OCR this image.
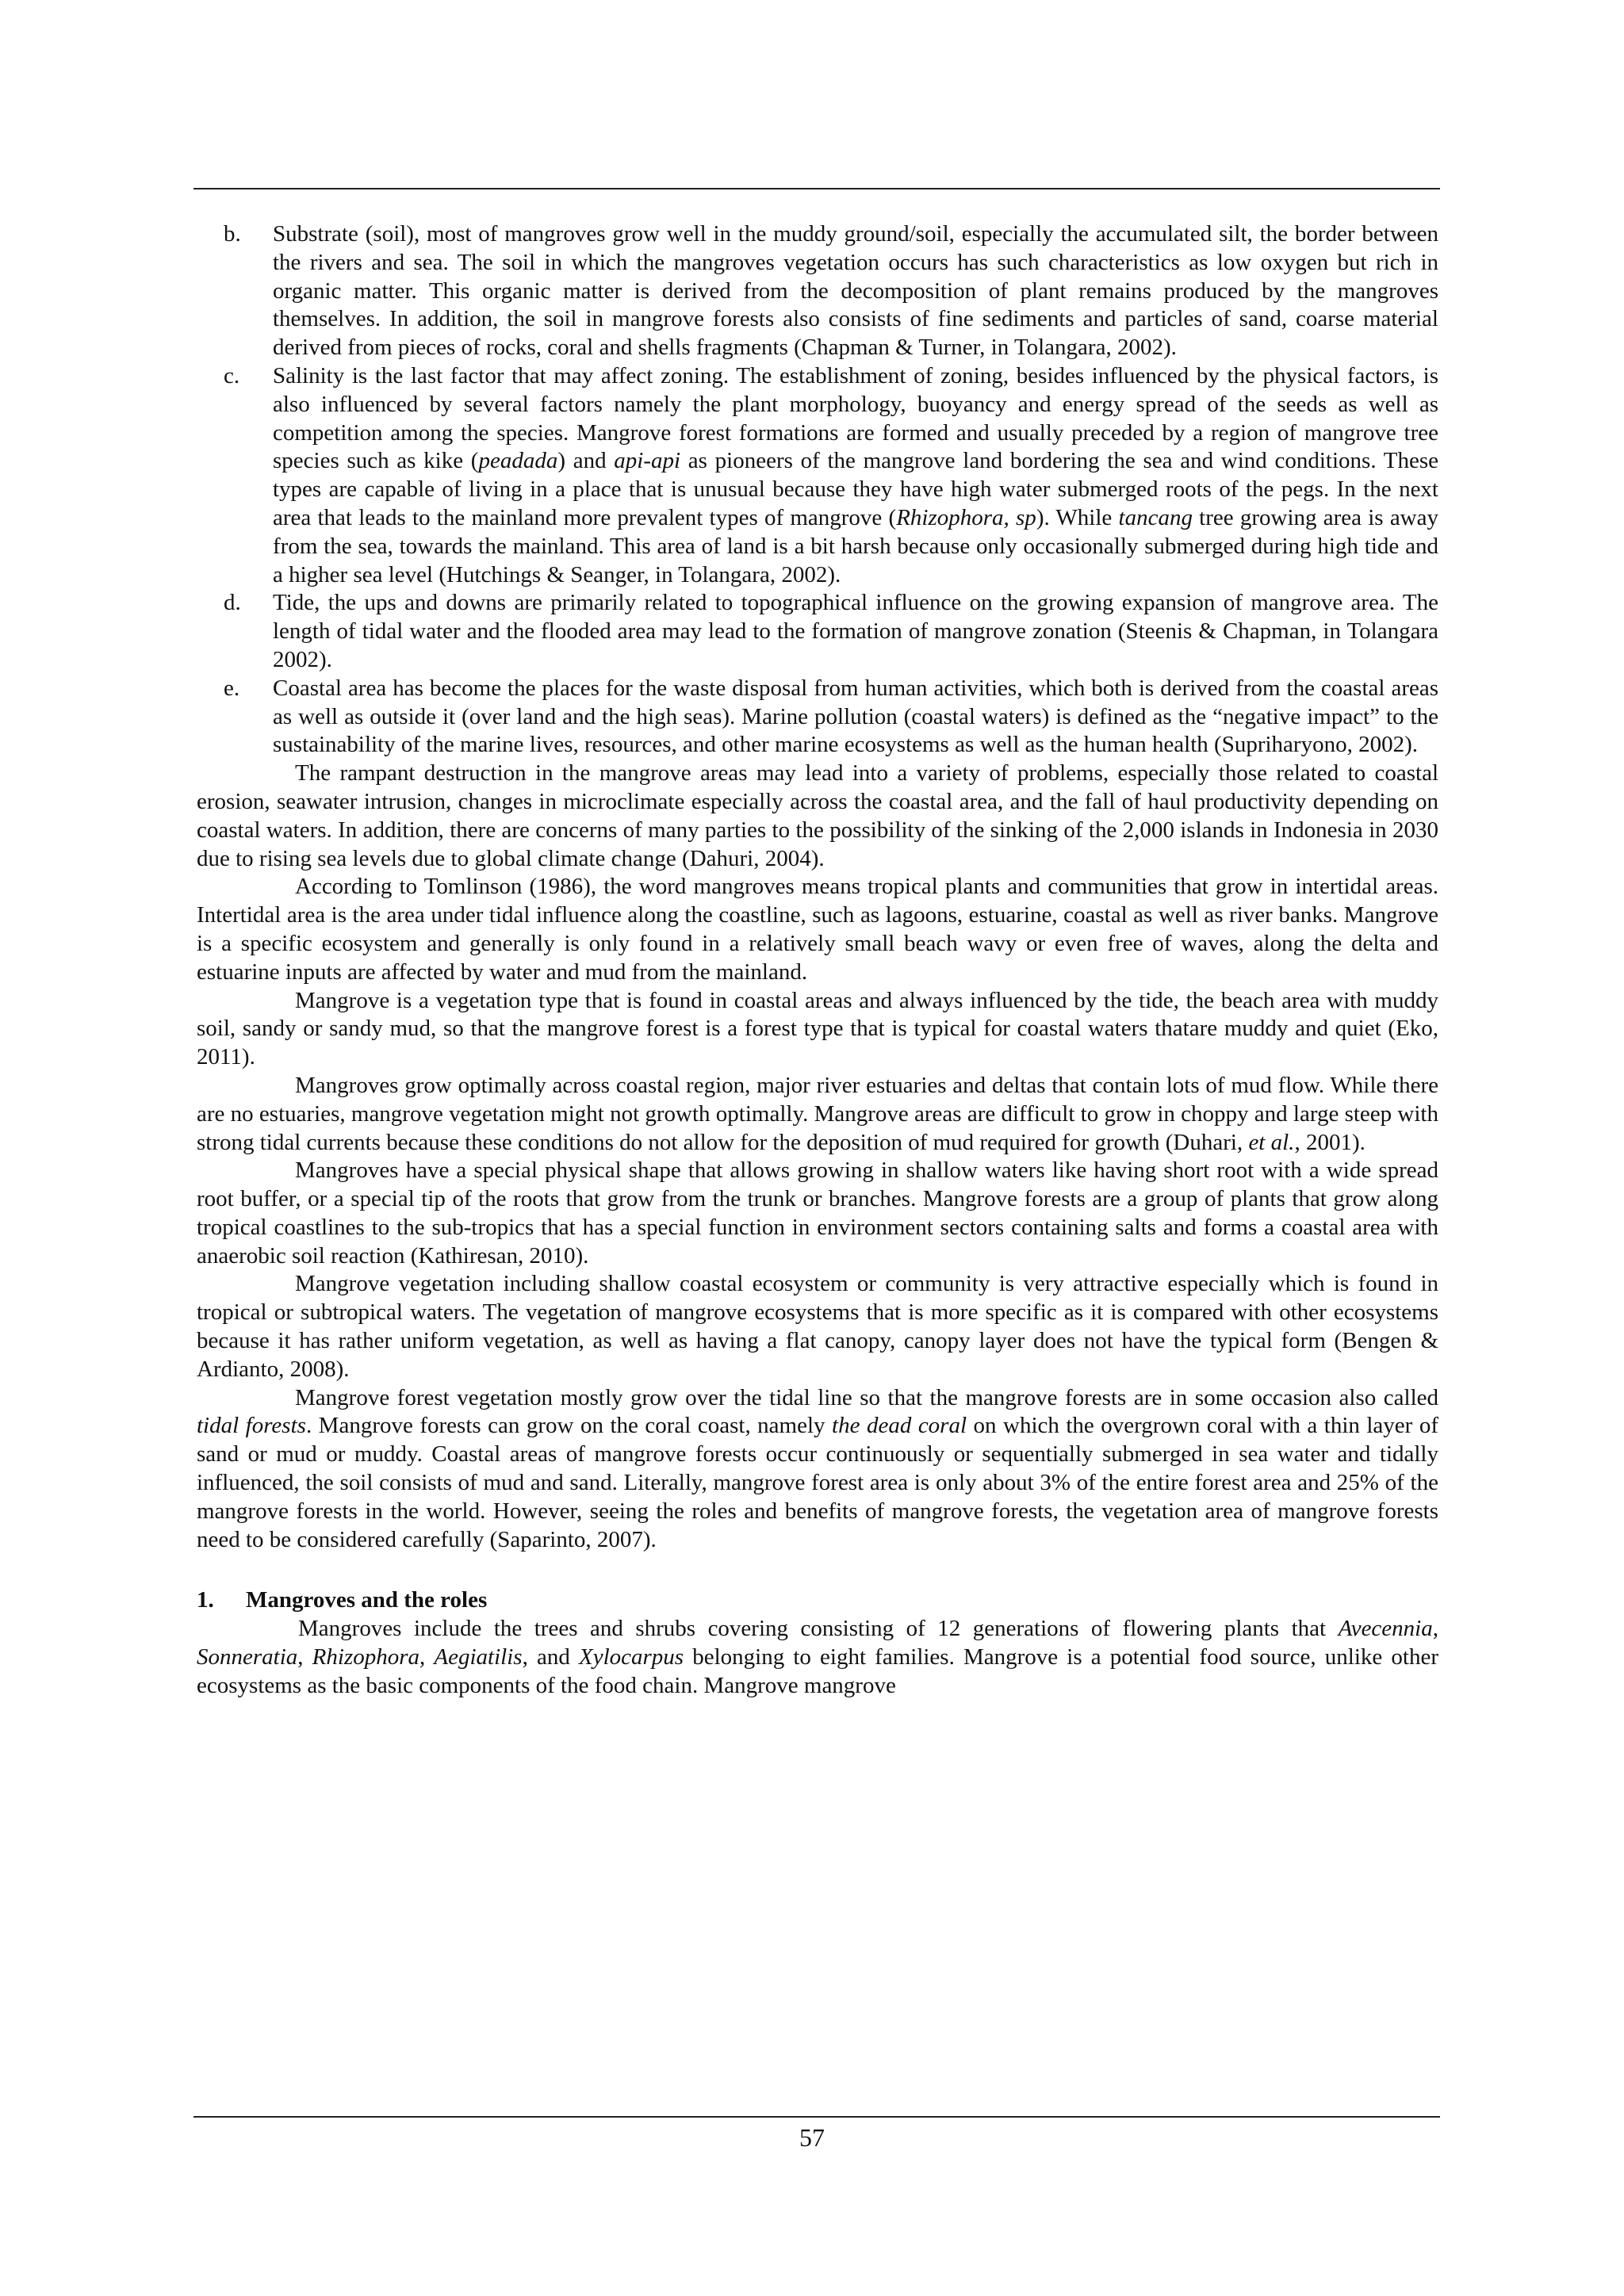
b.	Substrate (soil), most of mangroves grow well in the muddy ground/soil, especially the accumulated silt, the border between the rivers and sea. The soil in which the mangroves vegetation occurs has such characteristics as low oxygen but rich in organic matter. This organic matter is derived from the decomposition of plant remains produced by the mangroves themselves. In addition, the soil in mangrove forests also consists of fine sediments and particles of sand, coarse material derived from pieces of rocks, coral and shells fragments (Chapman & Turner, in Tolangara, 2002).
c.	Salinity is the last factor that may affect zoning. The establishment of zoning, besides influenced by the physical factors, is also influenced by several factors namely the plant morphology, buoyancy and energy spread of the seeds as well as competition among the species. Mangrove forest formations are formed and usually preceded by a region of mangrove tree species such as kike (peadada) and api-api as pioneers of the mangrove land bordering the sea and wind conditions. These types are capable of living in a place that is unusual because they have high water submerged roots of the pegs. In the next area that leads to the mainland more prevalent types of mangrove (Rhizophora, sp). While tancang tree growing area is away from the sea, towards the mainland. This area of land is a bit harsh because only occasionally submerged during high tide and a higher sea level (Hutchings & Seanger, in Tolangara, 2002).
d.	Tide, the ups and downs are primarily related to topographical influence on the growing expansion of mangrove area. The length of tidal water and the flooded area may lead to the formation of mangrove zonation (Steenis & Chapman, in Tolangara 2002).
e.	Coastal area has become the places for the waste disposal from human activities, which both is derived from the coastal areas as well as outside it (over land and the high seas). Marine pollution (coastal waters) is defined as the “negative impact” to the sustainability of the marine lives, resources, and other marine ecosystems as well as the human health (Supriharyono, 2002).

The rampant destruction in the mangrove areas may lead into a variety of problems, especially those related to coastal erosion, seawater intrusion, changes in microclimate especially across the coastal area, and the fall of haul productivity depending on coastal waters. In addition, there are concerns of many parties to the possibility of the sinking of the 2,000 islands in Indonesia in 2030 due to rising sea levels due to global climate change (Dahuri, 2004).

According to Tomlinson (1986), the word mangroves means tropical plants and communities that grow in intertidal areas. Intertidal area is the area under tidal influence along the coastline, such as lagoons, estuarine, coastal as well as river banks. Mangrove is a specific ecosystem and generally is only found in a relatively small beach wavy or even free of waves, along the delta and estuarine inputs are affected by water and mud from the mainland.

Mangrove is a vegetation type that is found in coastal areas and always influenced by the tide, the beach area with muddy soil, sandy or sandy mud, so that the mangrove forest is a forest type that is typical for coastal waters thatare muddy and quiet (Eko, 2011).

Mangroves grow optimally across coastal region, major river estuaries and deltas that contain lots of mud flow. While there are no estuaries, mangrove vegetation might not growth optimally. Mangrove areas are difficult to grow in choppy and large steep with strong tidal currents because these conditions do not allow for the deposition of mud required for growth (Duhari, et al., 2001).

Mangroves have a special physical shape that allows growing in shallow waters like having short root with a wide spread root buffer, or a special tip of the roots that grow from the trunk or branches. Mangrove forests are a group of plants that grow along tropical coastlines to the sub-tropics that has a special function in environment sectors containing salts and forms a coastal area with anaerobic soil reaction (Kathiresan, 2010).

Mangrove vegetation including shallow coastal ecosystem or community is very attractive especially which is found in tropical or subtropical waters. The vegetation of mangrove ecosystems that is more specific as it is compared with other ecosystems because it has rather uniform vegetation, as well as having a flat canopy, canopy layer does not have the typical form (Bengen & Ardianto, 2008).

Mangrove forest vegetation mostly grow over the tidal line so that the mangrove forests are in some occasion also called tidal forests. Mangrove forests can grow on the coral coast, namely the dead coral on which the overgrown coral with a thin layer of sand or mud or muddy. Coastal areas of mangrove forests occur continuously or sequentially submerged in sea water and tidally influenced, the soil consists of mud and sand. Literally, mangrove forest area is only about 3% of the entire forest area and 25% of the mangrove forests in the world. However, seeing the roles and benefits of mangrove forests, the vegetation area of mangrove forests need to be considered carefully (Saparinto, 2007).

1.	Mangroves and the roles

Mangroves include the trees and shrubs covering consisting of 12 generations of flowering plants that Avecennia, Sonneratia, Rhizophora, Aegiatilis, and Xylocarpus belonging to eight families. Mangrove is a potential food source, unlike other ecosystems as the basic components of the food chain. Mangrove mangrove

57
